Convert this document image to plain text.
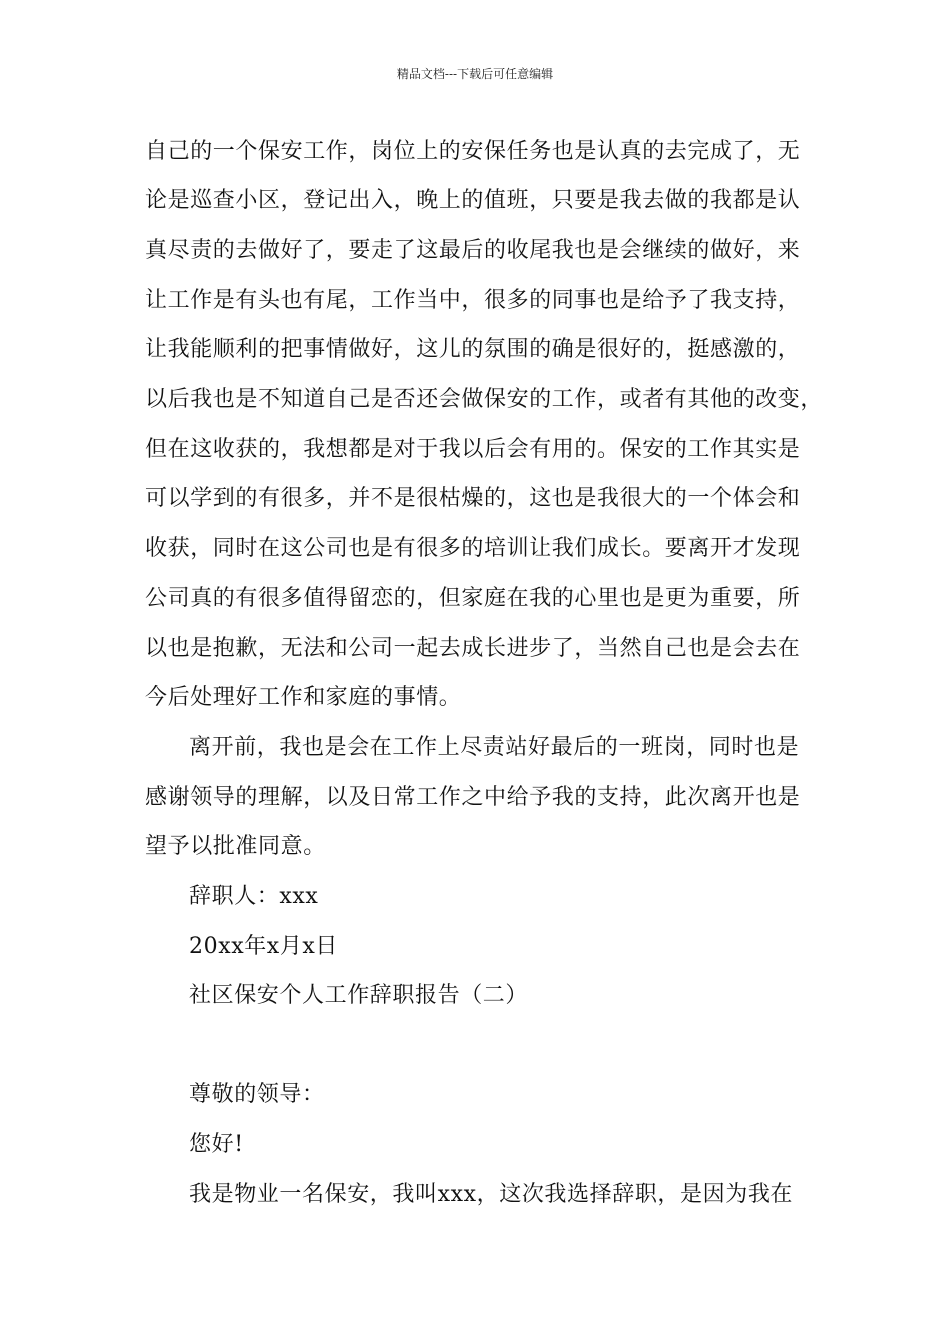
精品文档---下载后可任意编辑
自己的一个保安工作，岗位上的安保任务也是认真的去完成了，无
论是巡查小区，登记出入，晚上的值班，只要是我去做的我都是认
真尽责的去做好了，要走了这最后的收尾我也是会继续的做好，来
让工作是有头也有尾，工作当中，很多的同事也是给予了我支持，
让我能顺利的把事情做好，这儿的氛围的确是很好的，挺感激的，
以后我也是不知道自己是否还会做保安的工作，或者有其他的改变，
但在这收获的，我想都是对于我以后会有用的。保安的工作其实是
可以学到的有很多，并不是很枯燥的，这也是我很大的一个体会和
收获，同时在这公司也是有很多的培训让我们成长。要离开才发现
公司真的有很多值得留恋的，但家庭在我的心里也是更为重要，所
以也是抱歉，无法和公司一起去成长进步了，当然自己也是会去在
今后处理好工作和家庭的事情。
离开前，我也是会在工作上尽责站好最后的一班岗，同时也是
感谢领导的理解，以及日常工作之中给予我的支持，此次离开也是
望予以批准同意。
辞职人：xxx
20xx年x月x日
社区保安个人工作辞职报告（二）
尊敬的领导：
您好!
我是物业一名保安，我叫xxx，这次我选择辞职，是因为我在
